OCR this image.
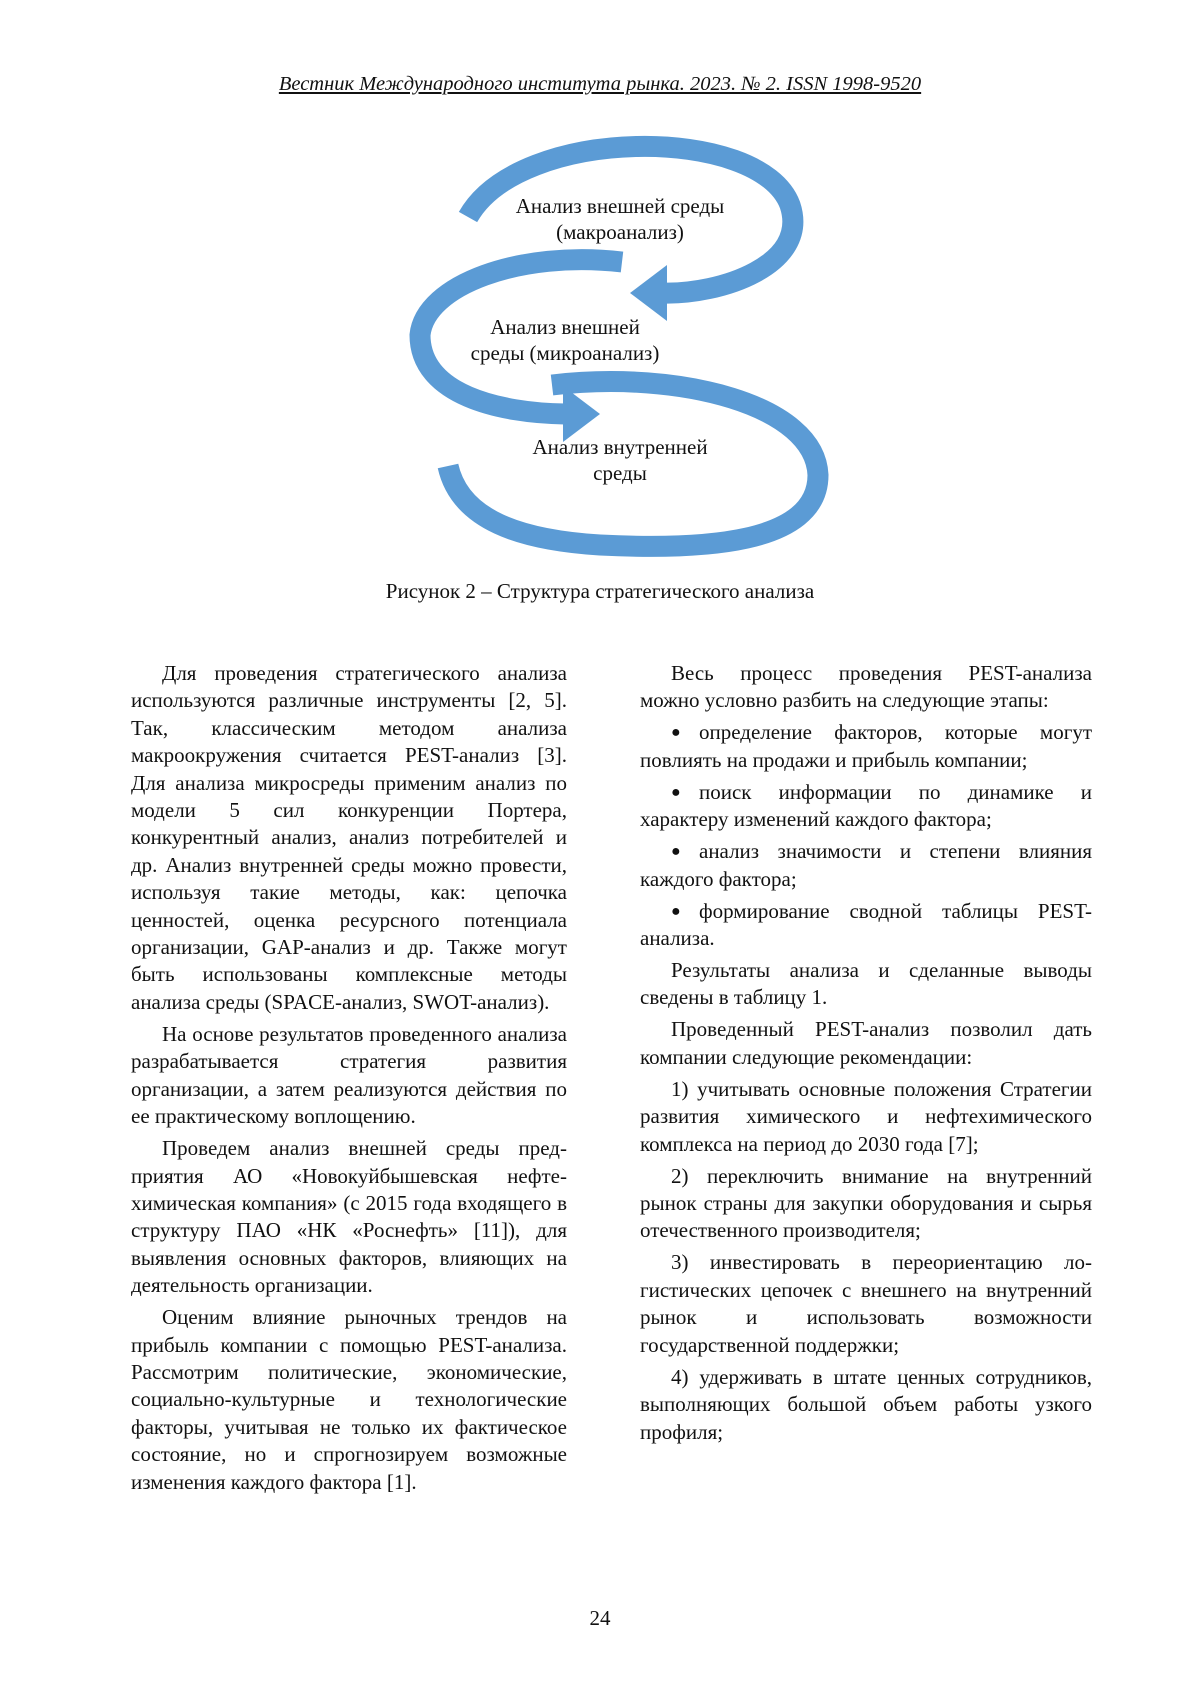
Вестник Международного института рынка. 2023. № 2. ISSN 1998-9520
Анализ внешней среды
(макроанализ)
Анализ внешней
среды (микроанализ)
Анализ внутренней
среды
Рисунок 2 – Структура стратегического анализа

Для проведения стратегического анализа используются различные инструменты [2, 5]. Так, классическим методом анализа макроокружения считается PEST-анализ [3]. Для анализа микросреды применим анализ по модели 5 сил конкуренции Портера, конкурентный анализ, анализ потребителей и др. Анализ внутренней среды можно провести, используя такие методы, как: цепочка ценностей, оценка ресурсного потенциала организации, GAP-анализ и др. Также могут быть использованы комплексные методы анализа среды (SPACE-анализ, SWOT-анализ).

На основе результатов проведенного анализа разрабатывается стратегия развития организации, а затем реализуются действия по ее практическому воплощению.

Проведем анализ внешней среды предприятия АО «Новокуйбышевская нефтехимическая компания» (с 2015 года входящего в структуру ПАО «НК «Роснефть» [11]), для выявления основных факторов, влияющих на деятельность организации.

Оценим влияние рыночных трендов на прибыль компании с помощью PEST-анализа. Рассмотрим политические, экономические, социально-культурные и технологические факторы, учитывая не только их фактическое состояние, но и спрогнозируем возможные изменения каждого фактора [1].

Весь процесс проведения PEST-анализа можно условно разбить на следующие этапы:

● определение факторов, которые могут повлиять на продажи и прибыль компании;
● поиск информации по динамике и характеру изменений каждого фактора;
● анализ значимости и степени влияния каждого фактора;
● формирование сводной таблицы PEST-анализа.

Результаты анализа и сделанные выводы сведены в таблицу 1.

Проведенный PEST-анализ позволил дать компании следующие рекомендации:

1) учитывать основные положения Стратегии развития химического и нефтехимического комплекса на период до 2030 года [7];

2) переключить внимание на внутренний рынок страны для закупки оборудования и сырья отечественного производителя;

3) инвестировать в переориентацию логистических цепочек с внешнего на внутренний рынок и использовать возможности государственной поддержки;

4) удерживать в штате ценных сотрудников, выполняющих большой объем работы узкого профиля;

24
